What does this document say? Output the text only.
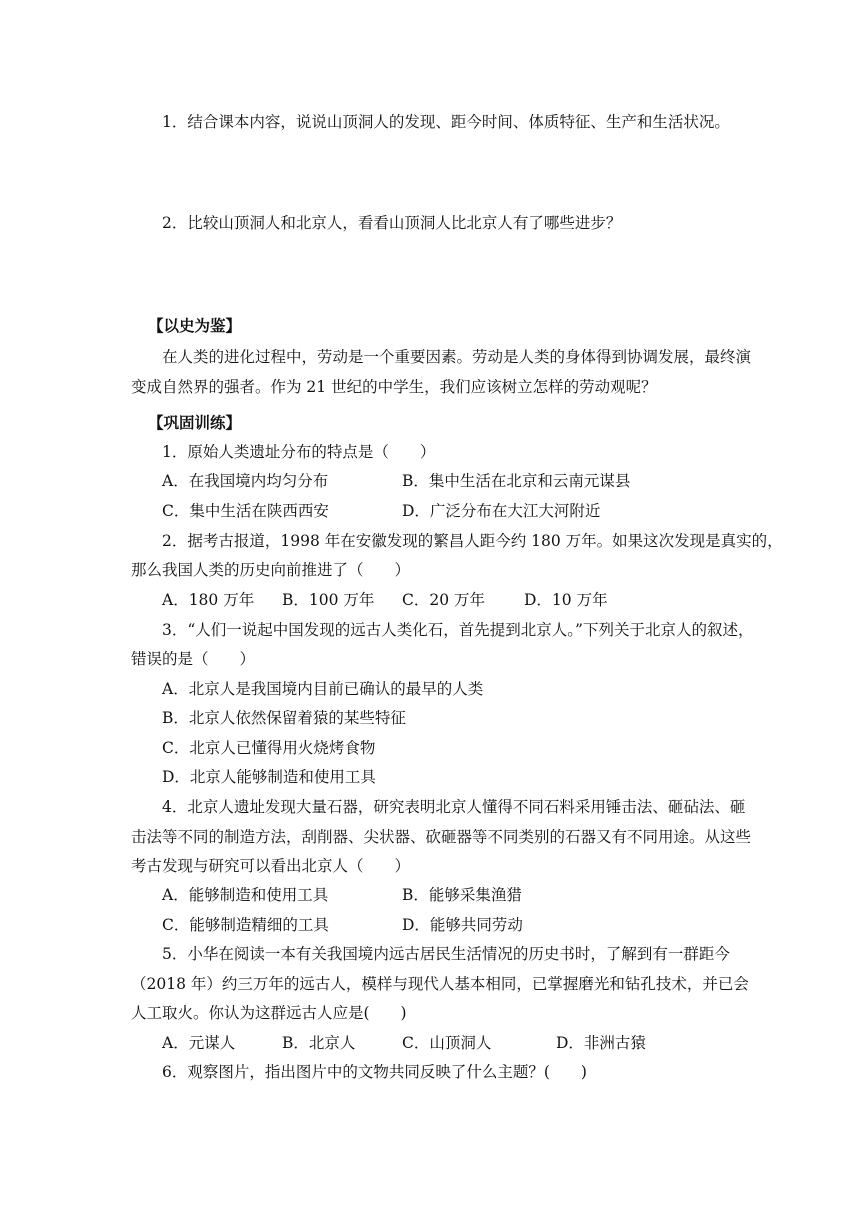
1．结合课本内容，说说山顶洞人的发现、距今时间、体质特征、生产和生活状况。
2．比较山顶洞人和北京人，看看山顶洞人比北京人有了哪些进步？
【以史为鉴】
在人类的进化过程中，劳动是一个重要因素。劳动是人类的身体得到协调发展，最终演
变成自然界的强者。作为 21 世纪的中学生，我们应该树立怎样的劳动观呢？
【巩固训练】
1．原始人类遗址分布的特点是（　　）
A．在我国境内均匀分布	B．集中生活在北京和云南元谋县
C．集中生活在陕西西安	D．广泛分布在大江大河附近
2．据考古报道，1998 年在安徽发现的繁昌人距今约 180 万年。如果这次发现是真实的，
那么我国人类的历史向前推进了（　　）
A．180 万年 B．100 万年 C．20 万年	D．10 万年
3．“人们一说起中国发现的远古人类化石，首先提到北京人。”下列关于北京人的叙述，
错误的是（　　）
A．北京人是我国境内目前已确认的最早的人类
B．北京人依然保留着猿的某些特征
C．北京人已懂得用火烧烤食物
D．北京人能够制造和使用工具
4．北京人遗址发现大量石器，研究表明北京人懂得不同石料采用锤击法、砸砧法、砸
击法等不同的制造方法，刮削器、尖状器、砍砸器等不同类别的石器又有不同用途。从这些
考古发现与研究可以看出北京人（　　）
A．能够制造和使用工具	B．能够采集渔猎
C．能够制造精细的工具	D．能够共同劳动
5．小华在阅读一本有关我国境内远古居民生活情况的历史书时，了解到有一群距今
（2018 年）约三万年的远古人，模样与现代人基本相同，已掌握磨光和钻孔技术，并已会
人工取火。你认为这群远古人应是(　　)
A．元谋人	B．北京人	C．山顶洞人	D．非洲古猿
6．观察图片，指出图片中的文物共同反映了什么主题？(　　)
